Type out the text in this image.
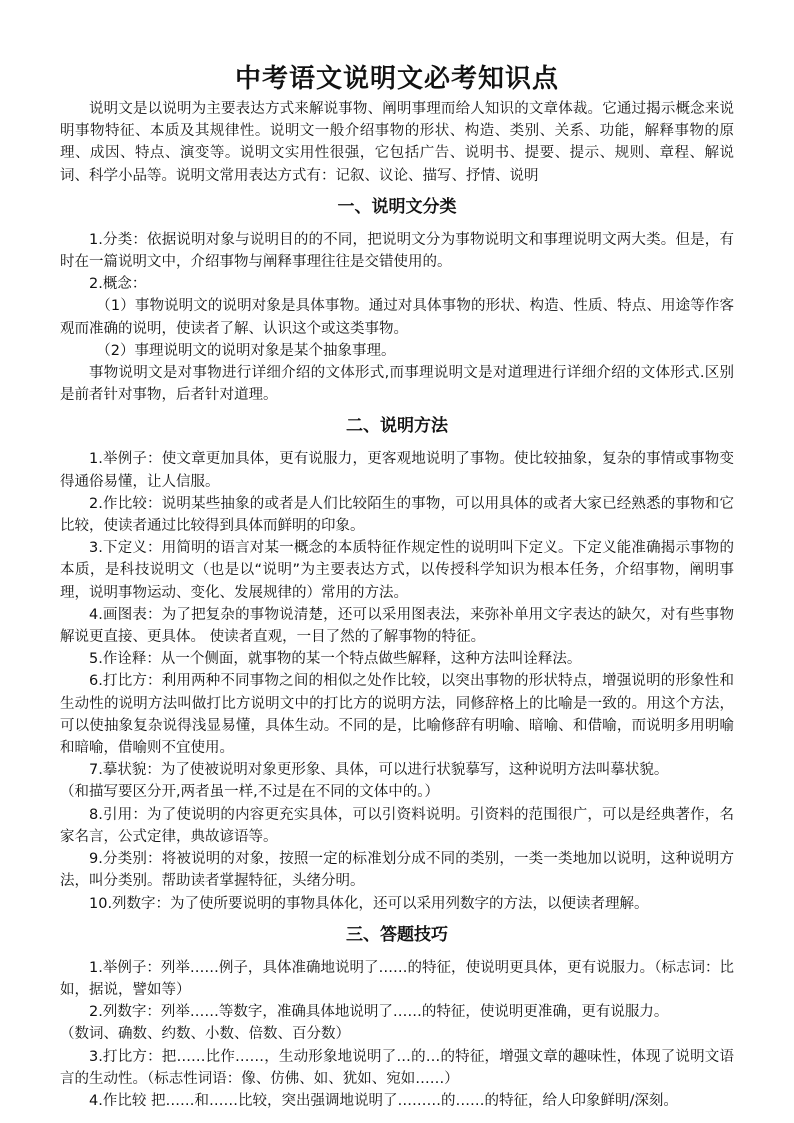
中考语文说明文必考知识点

说明文是以说明为主要表达方式来解说事物、阐明事理而给人知识的文章体裁。它通过揭示概念来说明事物特征、本质及其规律性。说明文一般介绍事物的形状、构造、类别、关系、功能，解释事物的原理、成因、特点、演变等。说明文实用性很强，它包括广告、说明书、提要、提示、规则、章程、解说词、科学小品等。说明文常用表达方式有：记叙、议论、描写、抒情、说明

一、说明文分类

1.分类：依据说明对象与说明目的的不同，把说明文分为事物说明文和事理说明文两大类。但是，有时在一篇说明文中，介绍事物与阐释事理往往是交错使用的。

2.概念：

（1）事物说明文的说明对象是具体事物。通过对具体事物的形状、构造、性质、特点、用途等作客观而准确的说明，使读者了解、认识这个或这类事物。

（2）事理说明文的说明对象是某个抽象事理。

事物说明文是对事物进行详细介绍的文体形式,而事理说明文是对道理进行详细介绍的文体形式.区别是前者针对事物，后者针对道理。

二、说明方法

1.举例子：使文章更加具体，更有说服力，更客观地说明了事物。使比较抽象，复杂的事情或事物变得通俗易懂，让人信服。

2.作比较：说明某些抽象的或者是人们比较陌生的事物，可以用具体的或者大家已经熟悉的事物和它比较，使读者通过比较得到具体而鲜明的印象。

3.下定义：用简明的语言对某一概念的本质特征作规定性的说明叫下定义。下定义能准确揭示事物的本质，是科技说明文（也是以“说明”为主要表达方式，以传授科学知识为根本任务，介绍事物，阐明事理，说明事物运动、变化、发展规律的）常用的方法。

4.画图表：为了把复杂的事物说清楚，还可以采用图表法，来弥补单用文字表达的缺欠，对有些事物解说更直接、更具体。 使读者直观，一目了然的了解事物的特征。

5.作诠释：从一个侧面，就事物的某一个特点做些解释，这种方法叫诠释法。

6.打比方：利用两种不同事物之间的相似之处作比较，以突出事物的形状特点，增强说明的形象性和生动性的说明方法叫做打比方说明文中的打比方的说明方法，同修辞格上的比喻是一致的。用这个方法，可以使抽象复杂说得浅显易懂，具体生动。不同的是，比喻修辞有明喻、暗喻、和借喻，而说明多用明喻和暗喻，借喻则不宜使用。

7.摹状貌：为了使被说明对象更形象、具体，可以进行状貌摹写，这种说明方法叫摹状貌。

（和描写要区分开,两者虽一样,不过是在不同的文体中的。）

8.引用：为了使说明的内容更充实具体，可以引资料说明。引资料的范围很广，可以是经典著作，名家名言，公式定律，典故谚语等。

9.分类别：将被说明的对象，按照一定的标准划分成不同的类别，一类一类地加以说明，这种说明方法，叫分类别。帮助读者掌握特征，头绪分明。

10.列数字：为了使所要说明的事物具体化，还可以采用列数字的方法，以便读者理解。

三、答题技巧

1.举例子：列举……例子，具体准确地说明了……的特征，使说明更具体，更有说服力。（标志词：比如，据说，譬如等）

2.列数字：列举……等数字，准确具体地说明了……的特征，使说明更准确，更有说服力。

（数词、确数、约数、小数、倍数、百分数）

3.打比方：把……比作……，生动形象地说明了…的…的特征，增强文章的趣味性，体现了说明文语言的生动性。（标志性词语：像、仿佛、如、犹如、宛如……）

4.作比较 把……和……比较，突出强调地说明了………的……的特征，给人印象鲜明/深刻。
